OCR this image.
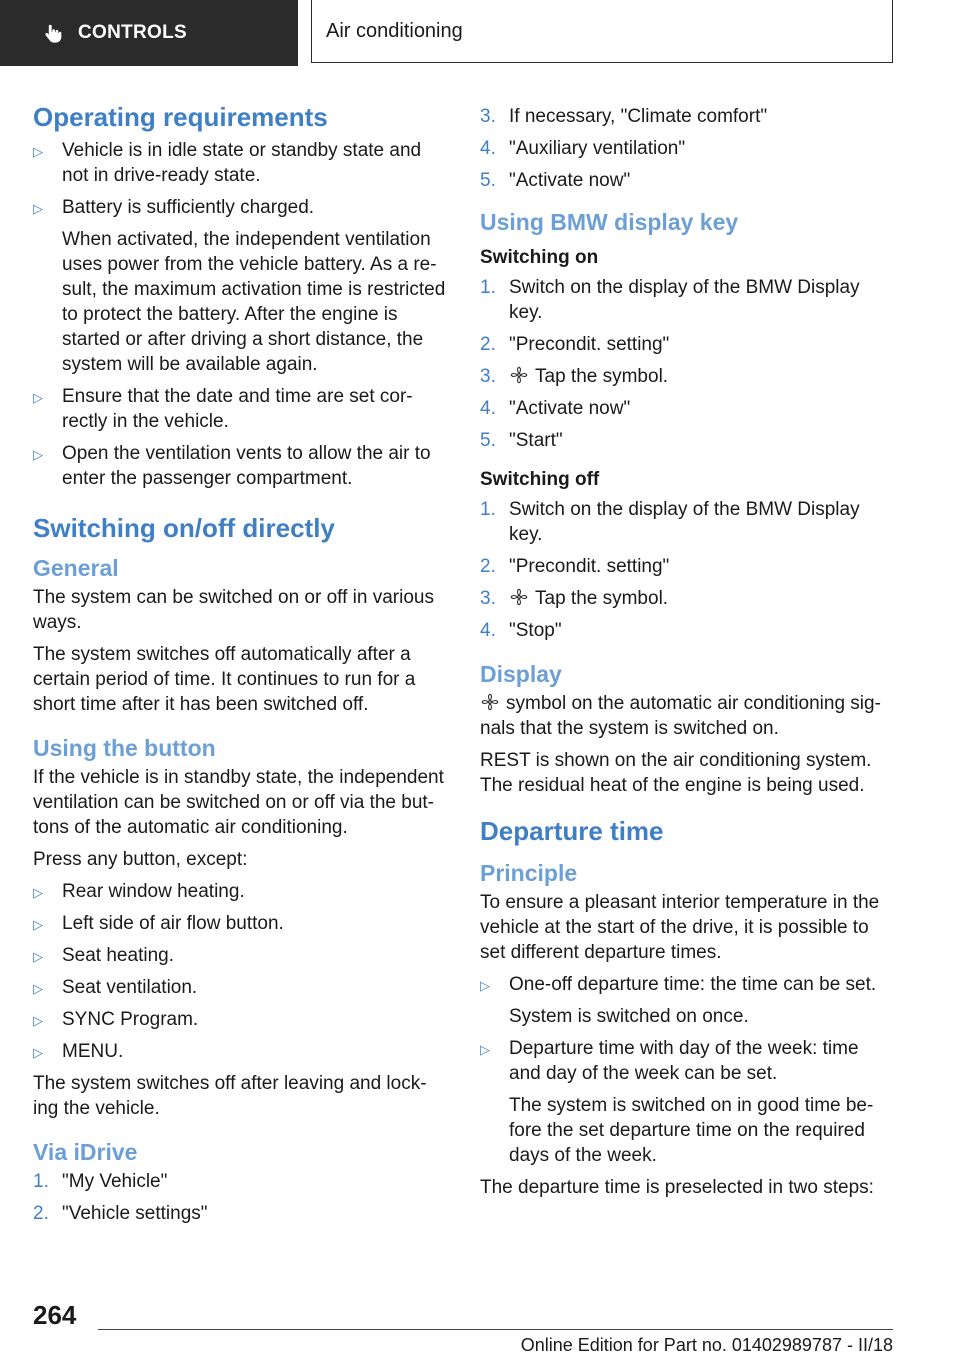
CONTROLS	Air conditioning
Operating requirements
▷ Vehicle is in idle state or standby state and not in drive-ready state.
▷ Battery is sufficiently charged.
When activated, the independent ventilation uses power from the vehicle battery. As a re‐ sult, the maximum activation time is restricted to protect the battery. After the engine is started or after driving a short distance, the system will be available again.
▷ Ensure that the date and time are set cor‐ rectly in the vehicle.
▷ Open the ventilation vents to allow the air to enter the passenger compartment.
Switching on/off directly
General

The system can be switched on or off in various ways.

The system switches off automatically after a certain period of time. It continues to run for a short time after it has been switched off.

Using the button

If the vehicle is in standby state, the independent ventilation can be switched on or off via the but‐ tons of the automatic air conditioning.

Press any button, except:

▷ Rear window heating.
▷ Left side of air flow button.
▷ Seat heating.
▷ Seat ventilation.
▷ SYNC Program.
▷ MENU.

The system switches off after leaving and lock‐ ing the vehicle.

Via iDrive
1. "My Vehicle"
2. "Vehicle settings"
3. If necessary, "Climate comfort"
4. "Auxiliary ventilation"
5. "Activate now"
Using BMW display key
Switching on
1. Switch on the display of the BMW Display key.
2. "Precondit. setting"
3. Tap the symbol.
4. "Activate now"
5. "Start"
Switching off
1. Switch on the display of the BMW Display key.
2. "Precondit. setting"
3. Tap the symbol.
4. "Stop"
Display

symbol on the automatic air conditioning sig‐ nals that the system is switched on.

REST is shown on the air conditioning system. The residual heat of the engine is being used.

Departure time
Principle

To ensure a pleasant interior temperature in the vehicle at the start of the drive, it is possible to set different departure times.

▷ One-off departure time: the time can be set.
System is switched on once.
▷ Departure time with day of the week: time and day of the week can be set.
The system is switched on in good time be‐ fore the set departure time on the required days of the week.

The departure time is preselected in two steps:

264
Online Edition for Part no. 01402989787 - II/18
